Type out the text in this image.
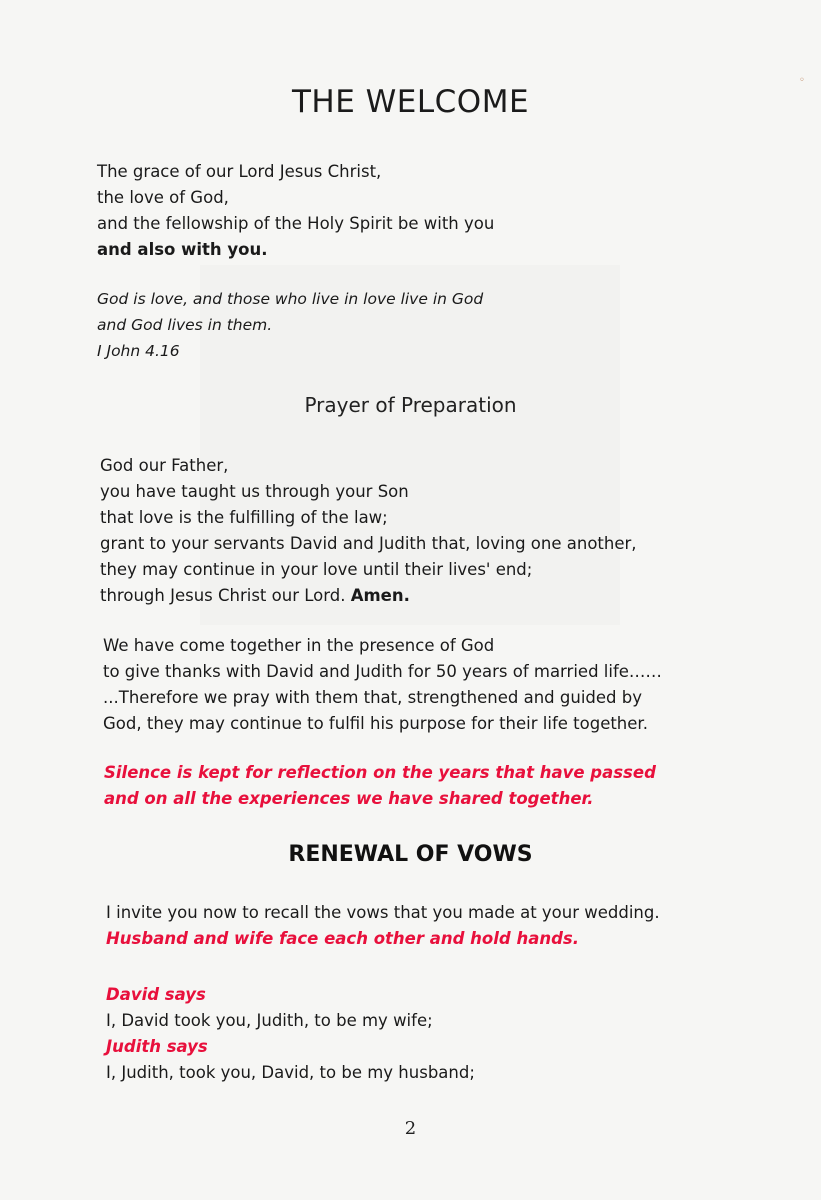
◦
THE WELCOME
The grace of our Lord Jesus Christ,
the love of God,
and the fellowship of the Holy Spirit be with you
and also with you.
God is love, and those who live in love live in God
and God lives in them.
I John 4.16
Prayer of Preparation
God our Father,
you have taught us through your Son
that love is the fulfilling of the law;
grant to your servants David and Judith that, loving one another,
they may continue in your love until their lives' end;
through Jesus Christ our Lord. Amen.
We have come together in the presence of God
to give thanks with David and Judith for 50 years of married life……
...Therefore we pray with them that, strengthened and guided by
God, they may continue to fulfil his purpose for their life together.
Silence is kept for reflection on the years that have passed
and on all the experiences we have shared together.
RENEWAL OF VOWS
I invite you now to recall the vows that you made at your wedding.
Husband and wife face each other and hold hands.
David says
I, David took you, Judith, to be my wife;
Judith says
I, Judith, took you, David, to be my husband;
2
